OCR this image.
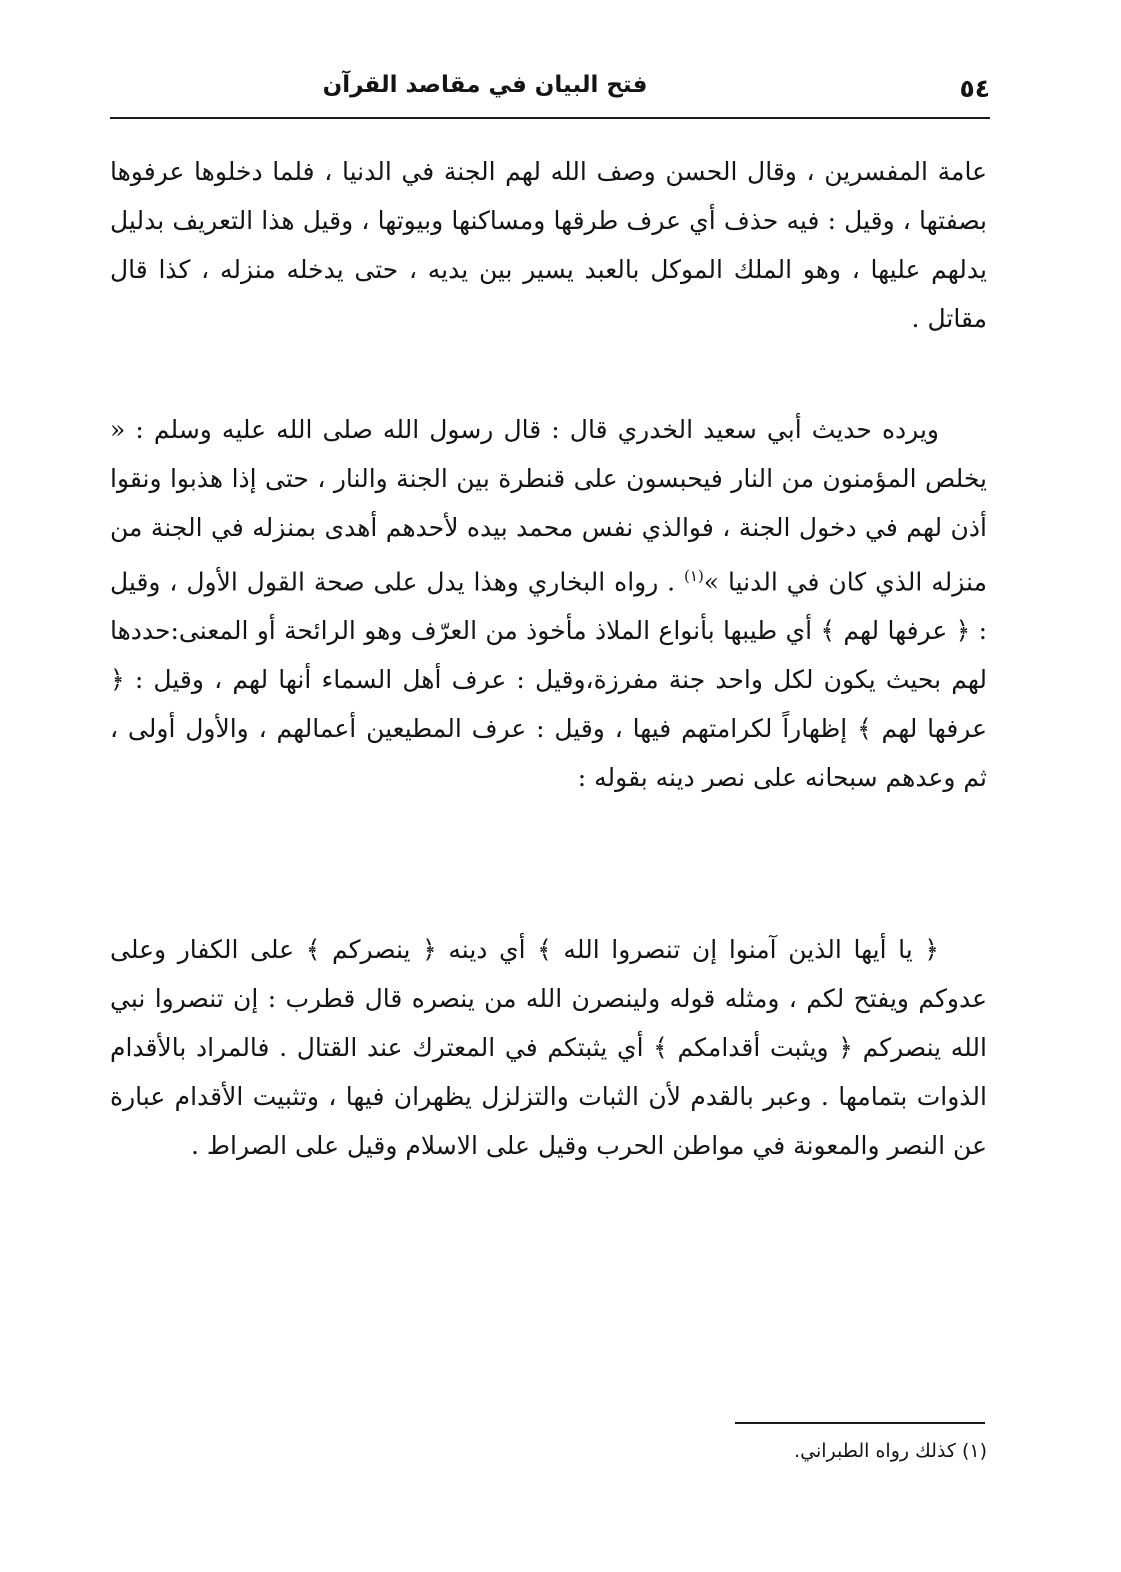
٥٤
فتح البيان في مقاصد القرآن

عامة المفسرين ، وقال الحسن وصف الله لهم الجنة في الدنيا ، فلما دخلوها عرفوها بصفتها ، وقيل : فيه حذف أي عرف طرقها ومساكنها وبيوتها ، وقيل هذا التعريف بدليل يدلهم عليها ، وهو الملك الموكل بالعبد يسير بين يديه ، حتى يدخله منزله ، كذا قال مقاتل .

ويرده حديث أبي سعيد الخدري قال : قال رسول الله صلى الله عليه وسلم : « يخلص المؤمنون من النار فيحبسون على قنطرة بين الجنة والنار ، حتى إذا هذبوا ونقوا أذن لهم في دخول الجنة ، فوالذي نفس محمد بيده لأحدهم أهدى بمنزله في الجنة من منزله الذي كان في الدنيا »$^{(١)}$ . رواه البخاري وهذا يدل على صحة القول الأول ، وقيل : ﴿ عرفها لهم ﴾ أي طيبها بأنواع الملاذ مأخوذ من العرّف وهو الرائحة أو المعنى:حددها لهم بحيث يكون لكل واحد جنة مفرزة،وقيل : عرف أهل السماء أنها لهم ، وقيل : ﴿ عرفها لهم ﴾ إظهاراً لكرامتهم فيها ، وقيل : عرف المطيعين أعمالهم ، والأول أولى ، ثم وعدهم سبحانه على نصر دينه بقوله :

﴿ يا أيها الذين آمنوا إن تنصروا الله ﴾ أي دينه ﴿ ينصركم ﴾ على الكفار وعلى عدوكم ويفتح لكم ، ومثله قوله ولينصرن الله من ينصره قال قطرب : إن تنصروا نبي الله ينصركم ﴿ ويثبت أقدامكم ﴾ أي يثبتكم في المعترك عند القتال . فالمراد بالأقدام الذوات بتمامها . وعبر بالقدم لأن الثبات والتزلزل يظهران فيها ، وتثبيت الأقدام عبارة عن النصر والمعونة في مواطن الحرب وقيل على الاسلام وقيل على الصراط .

(١) كذلك رواه الطبراني.
